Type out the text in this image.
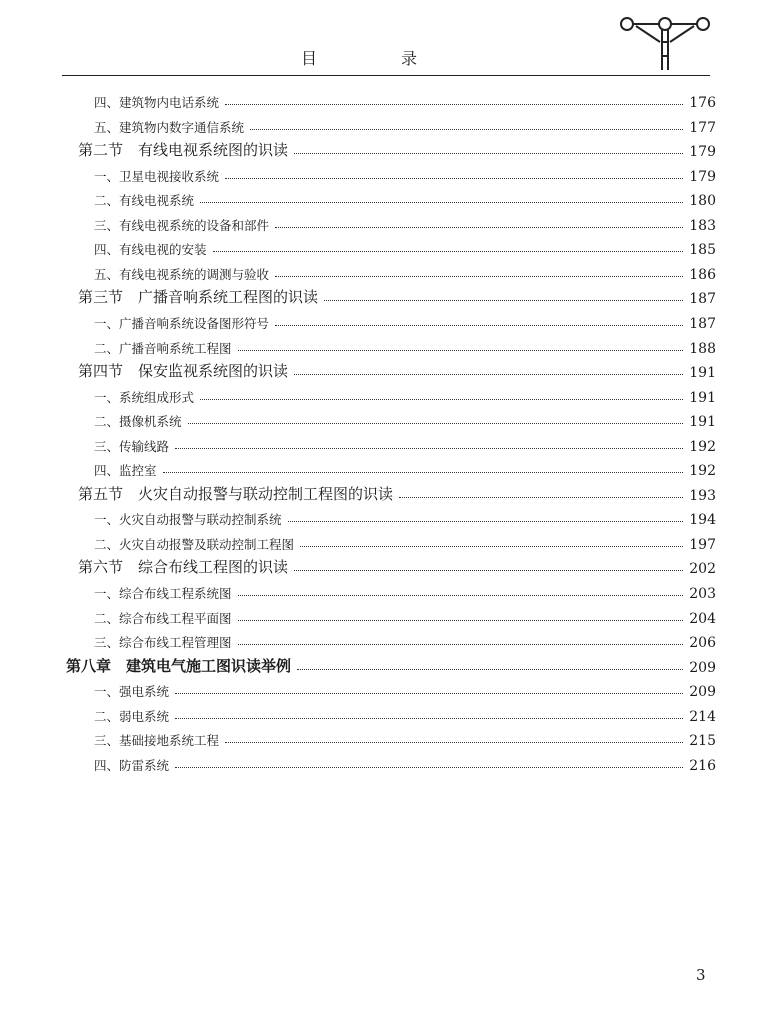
目　录
四、建筑物内电话系统	176
五、建筑物内数字通信系统	177
第二节　有线电视系统图的识读	179
一、卫星电视接收系统	179
二、有线电视系统	180
三、有线电视系统的设备和部件	183
四、有线电视的安装	185
五、有线电视系统的调测与验收	186
第三节　广播音响系统工程图的识读	187
一、广播音响系统设备图形符号	187
二、广播音响系统工程图	188
第四节　保安监视系统图的识读	191
一、系统组成形式	191
二、摄像机系统	191
三、传输线路	192
四、监控室	192
第五节　火灾自动报警与联动控制工程图的识读	193
一、火灾自动报警与联动控制系统	194
二、火灾自动报警及联动控制工程图	197
第六节　综合布线工程图的识读	202
一、综合布线工程系统图	203
二、综合布线工程平面图	204
三、综合布线工程管理图	206
第八章　建筑电气施工图识读举例	209
一、强电系统	209
二、弱电系统	214
三、基础接地系统工程	215
四、防雷系统	216
3
